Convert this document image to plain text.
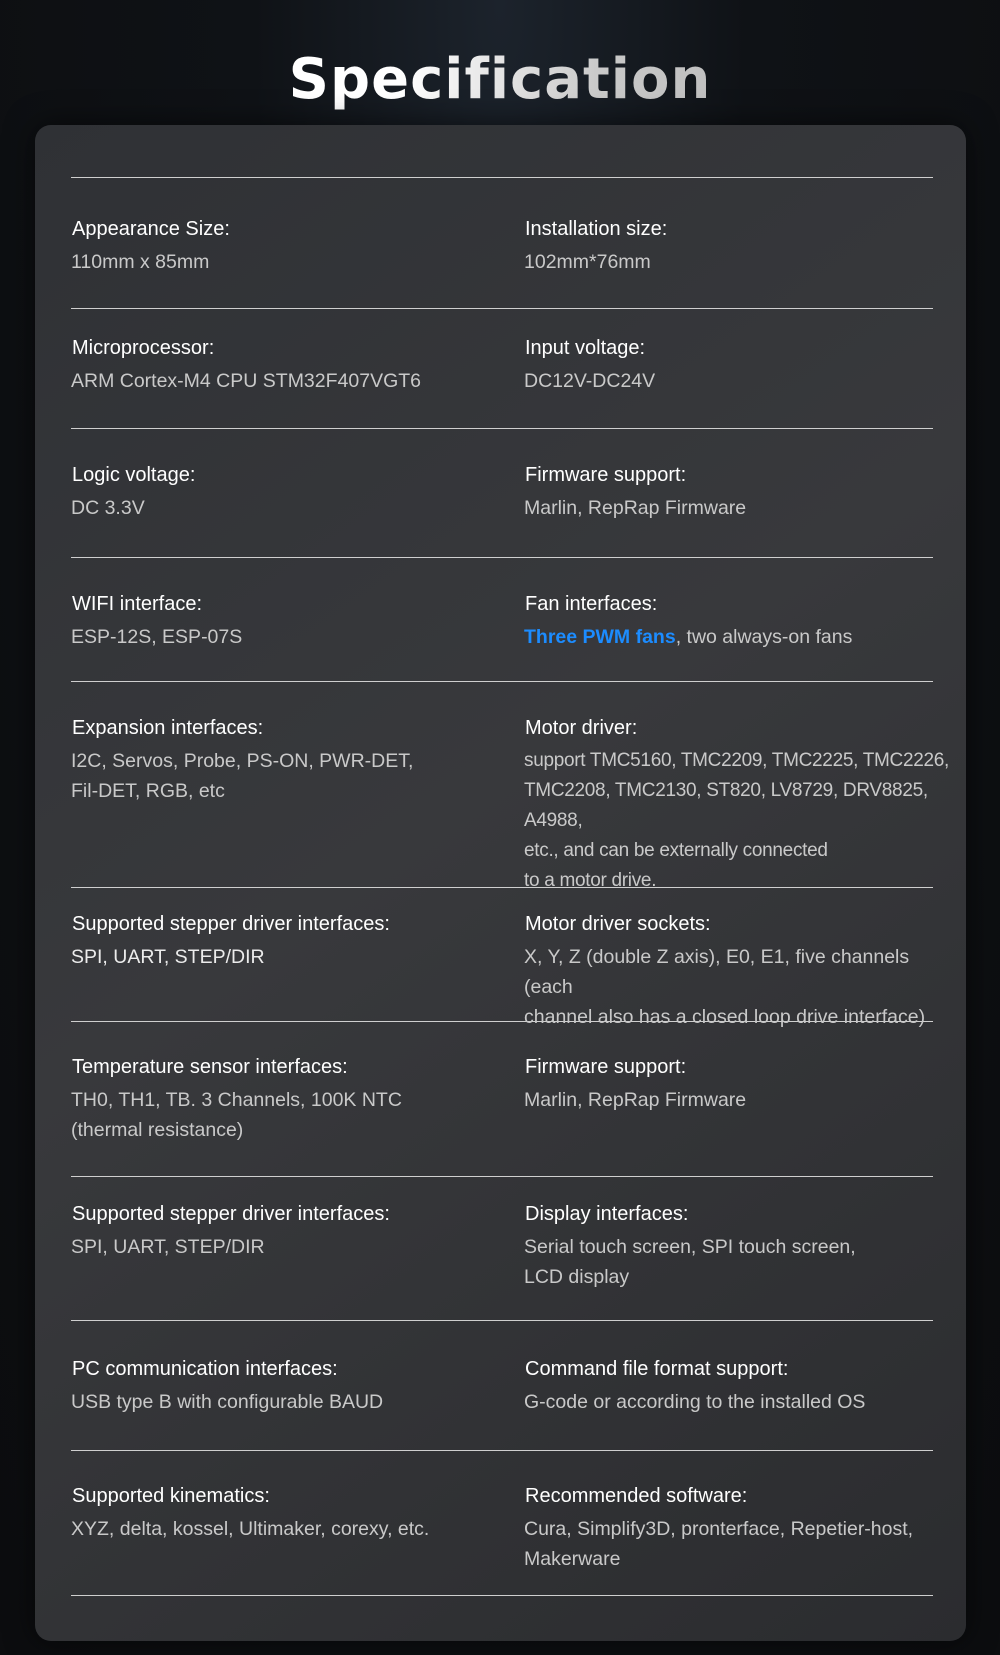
Specification

Appearance Size:

110mm x 85mm

Installation size:

102mm*76mm

Microprocessor:

ARM Cortex-M4 CPU STM32F407VGT6

Input voltage:

DC12V-DC24V

Logic voltage:

DC 3.3V

Firmware support:

Marlin, RepRap Firmware

WIFI interface:

ESP-12S, ESP-07S

Fan interfaces:

Three PWM fans, two always-on fans

Expansion interfaces:

I2C, Servos, Probe, PS-ON, PWR-DET,
Fil-DET, RGB, etc

Motor driver:

support TMC5160, TMC2209, TMC2225, TMC2226,
TMC2208, TMC2130, ST820, LV8729, DRV8825, A4988,
etc., and can be externally connected
to a motor drive.

Supported stepper driver interfaces:

SPI, UART, STEP/DIR

Motor driver sockets:

X, Y, Z (double Z axis), E0, E1, five channels (each
channel also has a closed loop drive interface)

Temperature sensor interfaces:

TH0, TH1, TB. 3 Channels, 100K NTC
(thermal resistance)

Firmware support:

Marlin, RepRap Firmware

Supported stepper driver interfaces:

SPI, UART, STEP/DIR

Display interfaces:

Serial touch screen, SPI touch screen,
LCD display

PC communication interfaces:

USB type B with configurable BAUD

Command file format support:

G-code or according to the installed OS

Supported kinematics:

XYZ, delta, kossel, Ultimaker, corexy, etc.

Recommended software:

Cura, Simplify3D, pronterface, Repetier-host,
Makerware
